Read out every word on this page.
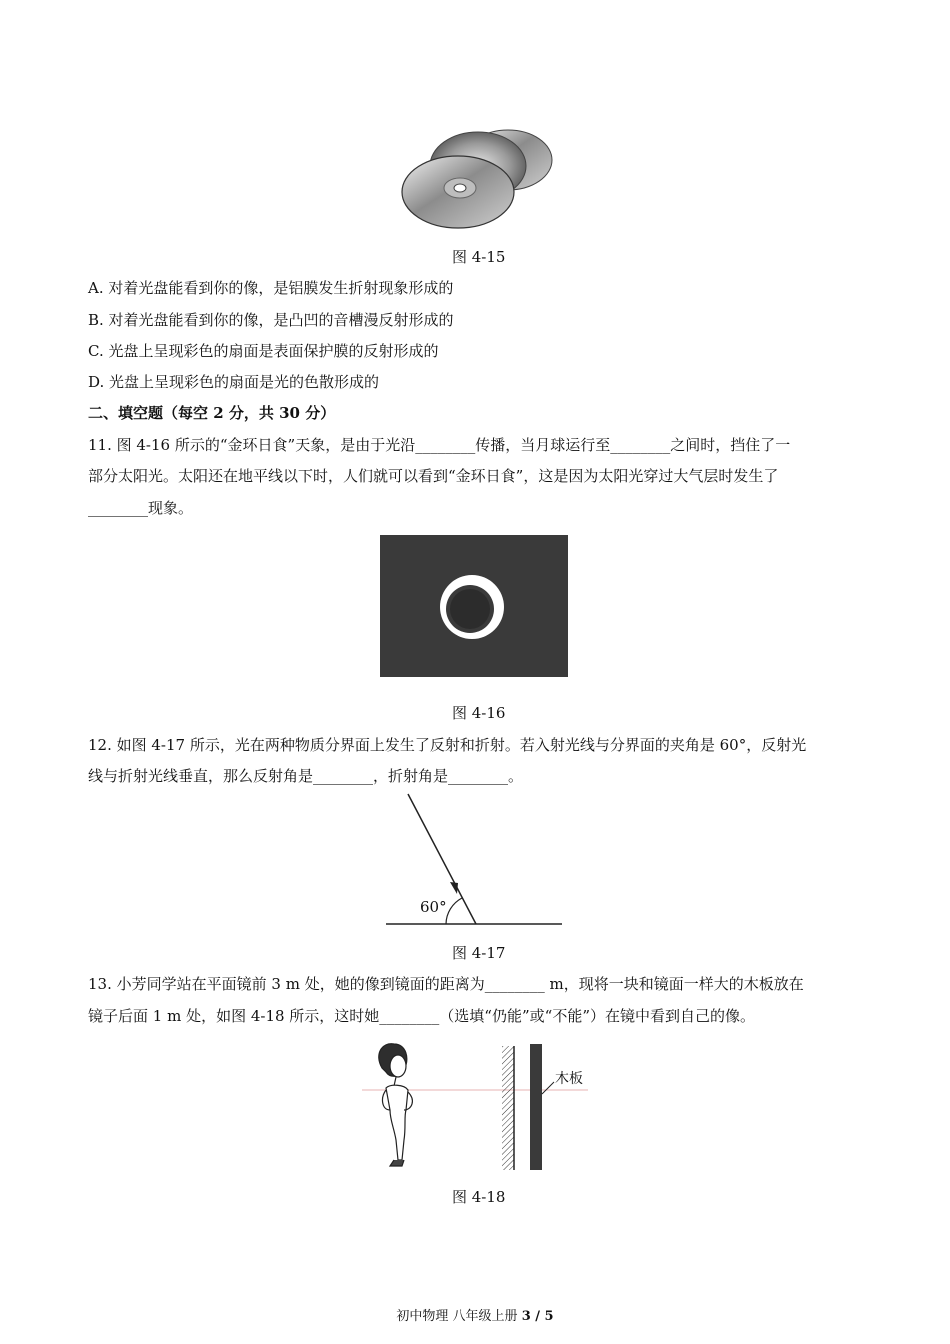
图 4-15
A. 对着光盘能看到你的像，是铝膜发生折射现象形成的
B. 对着光盘能看到你的像，是凸凹的音槽漫反射形成的
C. 光盘上呈现彩色的扇面是表面保护膜的反射形成的
D. 光盘上呈现彩色的扇面是光的色散形成的
二、填空题（每空 2 分，共 30 分）
11. 图 4-16 所示的“金环日食”天象，是由于光沿________传播，当月球运行至________之间时，挡住了一
部分太阳光。太阳还在地平线以下时，人们就可以看到“金环日食”，这是因为太阳光穿过大气层时发生了
________现象。
图 4-16
12. 如图 4-17 所示，光在两种物质分界面上发生了反射和折射。若入射光线与分界面的夹角是 60°，反射光
线与折射光线垂直，那么反射角是________，折射角是________。
60°
图 4-17
13. 小芳同学站在平面镜前 3 m 处，她的像到镜面的距离为________ m，现将一块和镜面一样大的木板放在
镜子后面 1 m 处，如图 4-18 所示，这时她________（选填“仍能”或“不能”）在镜中看到自己的像。
木板
图 4-18
初中物理 八年级上册 3 / 5
